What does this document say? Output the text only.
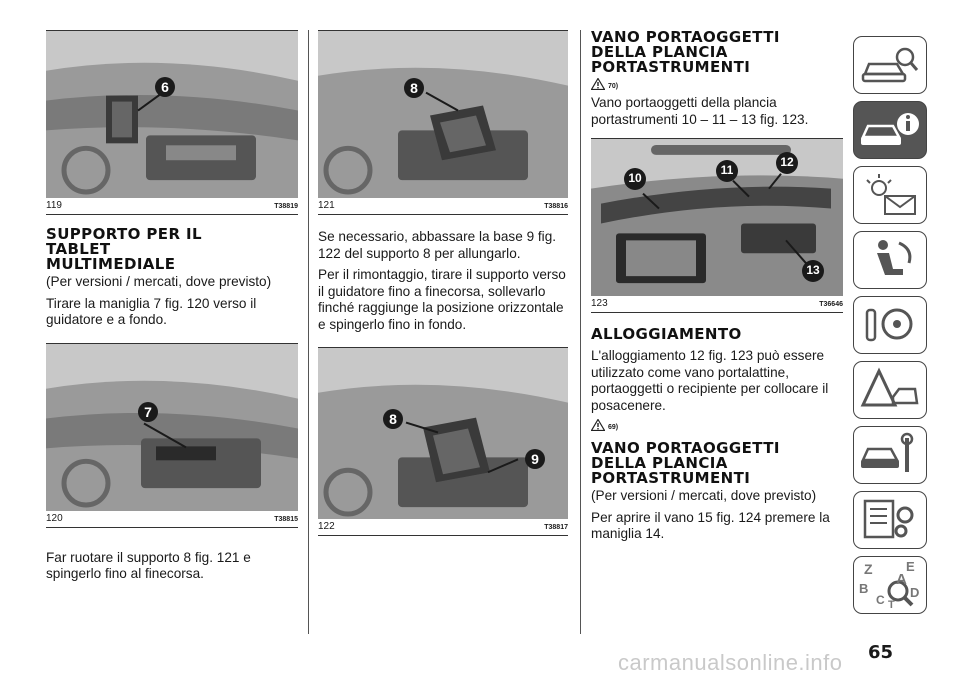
6
119	T38819
SUPPORTO PER IL TABLET MULTIMEDIALE

(Per versioni / mercati, dove previsto)

Tirare la maniglia 7 fig. 120 verso il guidatore e a fondo.

7
120	T38815

Far ruotare il supporto 8 fig. 121 e spingerlo fino al finecorsa.

8
121	T38816

Se necessario, abbassare la base 9 fig. 122 del supporto 8 per allungarlo.

Per il rimontaggio, tirare il supporto verso il guidatore fino a finecorsa, sollevarlo finché raggiunge la posizione orizzontale e spingerlo fino in fondo.

8
9
122	T38817
VANO PORTAOGGETTI DELLA PLANCIA PORTASTRUMENTI
70)

Vano portaoggetti della plancia portastrumenti 10 – 11 – 13 fig. 123.

10
11
12
13
123	T36646
ALLOGGIAMENTO

L'alloggiamento 12 fig. 123 può essere utilizzato come vano portalattine, portaoggetti o recipiente per collocare il posacenere.

69)
VANO PORTAOGGETTI DELLA PLANCIA PORTASTRUMENTI

(Per versioni / mercati, dove previsto)

Per aprire il vano 15 fig. 124 premere la maniglia 14.

Z	E
A
B
C T
D
65
carmanualsonline.info
